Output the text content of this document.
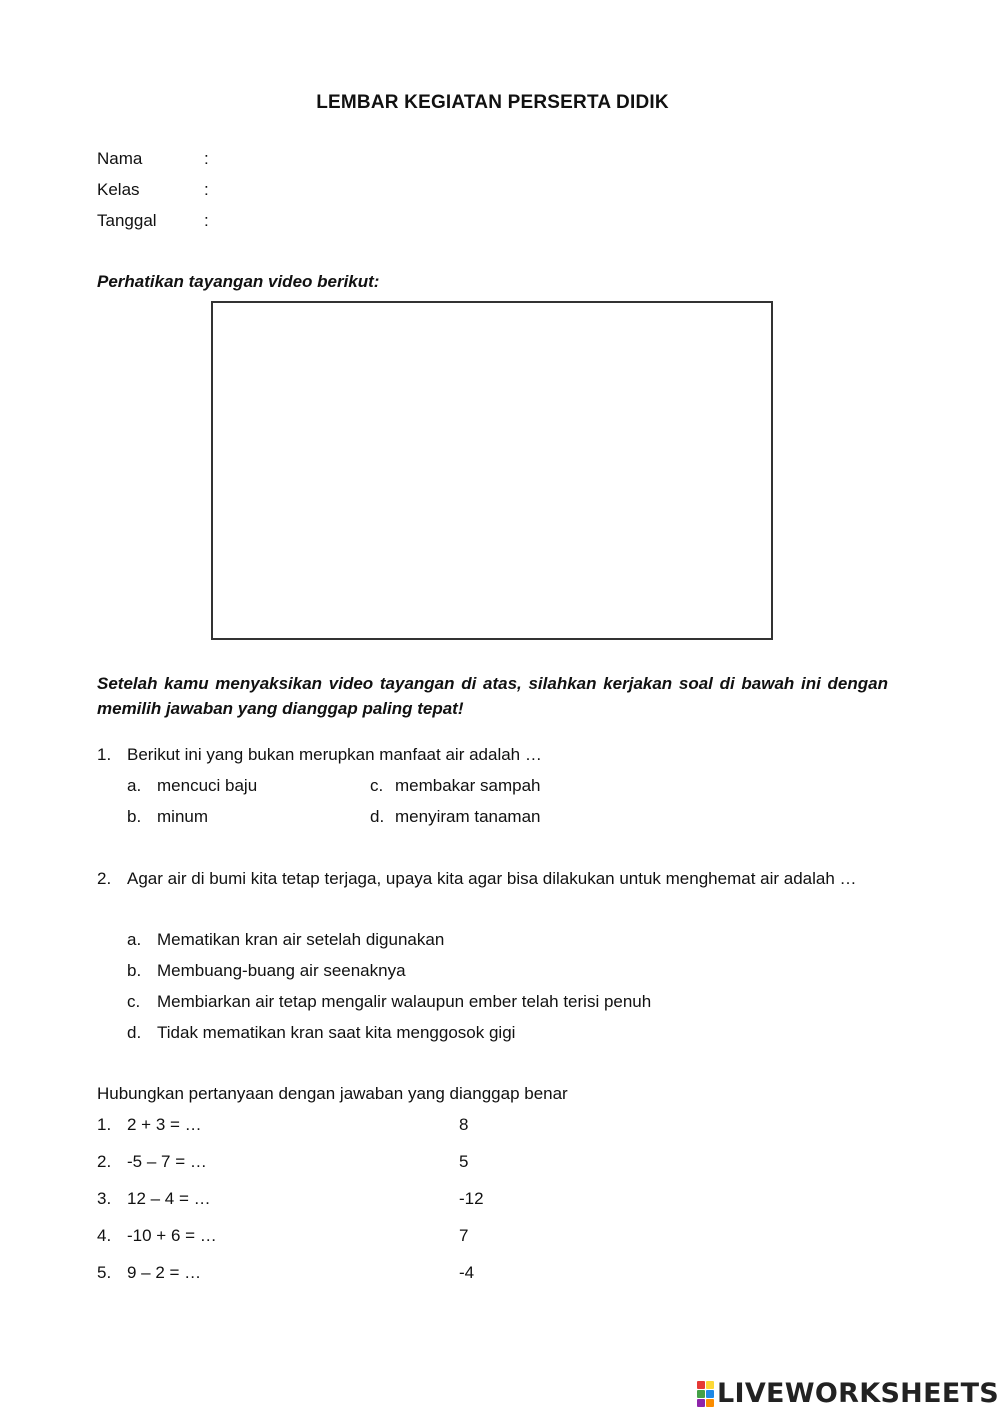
LEMBAR KEGIATAN PERSERTA DIDIK
Nama	:
Kelas	:
Tanggal	:
Perhatikan tayangan video berikut:
Setelah kamu menyaksikan video tayangan di atas, silahkan kerjakan soal di bawah ini dengan memilih jawaban yang dianggap paling tepat!
1. Berikut ini yang bukan merupkan manfaat air adalah …
a. mencuci baju
b. minum
c. membakar sampah
d. menyiram tanaman
2. Agar air di bumi kita tetap terjaga, upaya kita agar bisa dilakukan untuk menghemat air adalah …
a. Mematikan kran air setelah digunakan
b. Membuang-buang air seenaknya
c. Membiarkan air tetap mengalir walaupun ember telah terisi penuh
d. Tidak mematikan kran saat kita menggosok gigi
Hubungkan pertanyaan dengan jawaban yang dianggap benar
1. 2 + 3 = …	8
2. -5 – 7 = …	5
3. 12 – 4 = …	-12
4. -10 + 6 = …	7
5. 9 – 2 = …	-4
LIVEWORKSHEETS
